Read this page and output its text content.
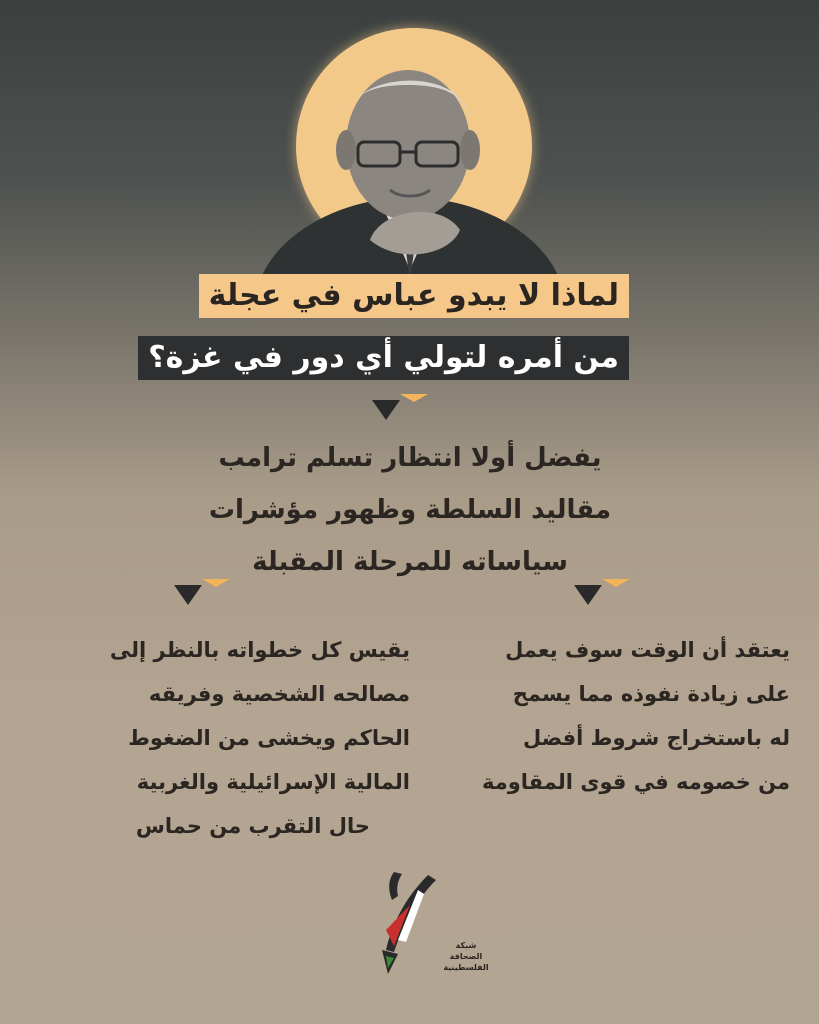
لماذا لا يبدو عباس في عجلة
من أمره لتولي أي دور في غزة؟
يفضل أولا انتظار تسلم ترامب
مقاليد السلطة وظهور مؤشرات
سياساته للمرحلة المقبلة
يعتقد أن الوقت سوف يعمل
على زيادة نفوذه مما يسمح
له باستخراج شروط أفضل
من خصومه في قوى المقاومة
يقيس كل خطواته بالنظر إلى
مصالحه الشخصية وفريقه
الحاكم ويخشى من الضغوط
المالية الإسرائيلية والغربية
حال التقرب من حماس
شبكة
الصحافة
الفلسطينية
